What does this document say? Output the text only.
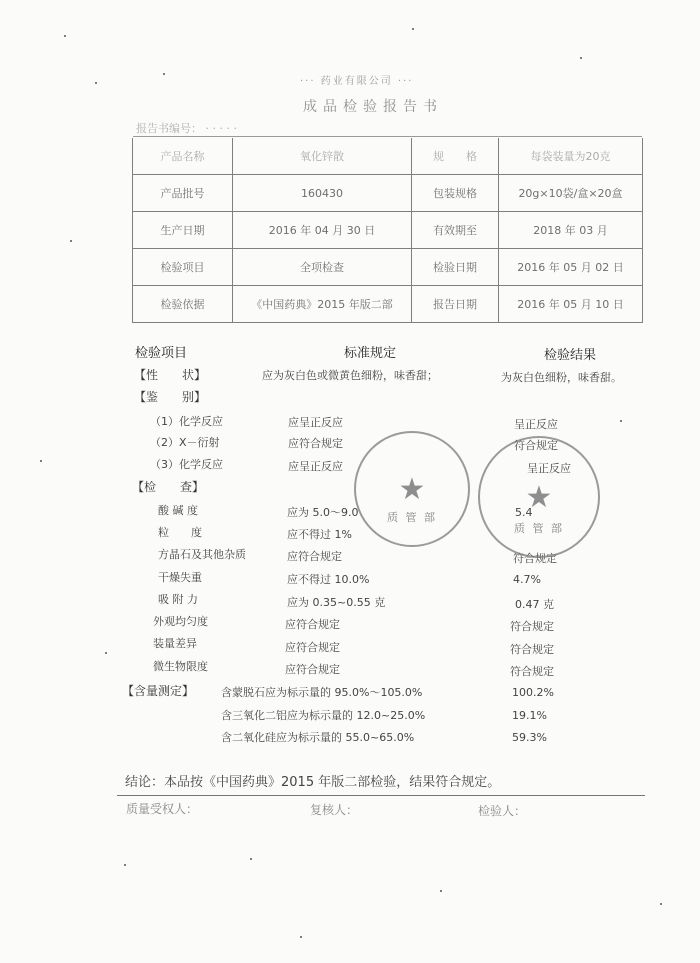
··· 药业有限公司 ···
成品检验报告书
报告书编号： · · · · ·
产品名称	氧化锌散	规　　格	每袋装量为20克
产品批号	160430	包装规格	20g×10袋/盒×20盒
生产日期	2016 年 04 月 30 日	有效期至	2018 年 03 月
检验项目	全项检查	检验日期	2016 年 05 月 02 日
检验依据	《中国药典》2015 年版二部	报告日期	2016 年 05 月 10 日
检验项目	标准规定	检验结果
【性　　状】	应为灰白色或微黄色细粉，味香甜；	为灰白色细粉，味香甜。
【鉴　　别】
（1）化学反应	应呈正反应	呈正反应
（2）X－衍射	应符合规定	符合规定
（3）化学反应	应呈正反应	呈正反应
【检　　查】
酸 碱 度	应为 5.0～9.0	5.4
粒　　度	应不得过 1%
方晶石及其他杂质	应符合规定	符合规定
干燥失重	应不得过 10.0%	4.7%
吸 附 力	应为 0.35~0.55 克	0.47 克
外观均匀度	应符合规定	符合规定
装量差异	应符合规定	符合规定
微生物限度	应符合规定	符合规定
【含量测定】 含蒙脱石应为标示量的 95.0%～105.0%	100.2%
含三氧化二铝应为标示量的 12.0~25.0%	19.1%
含二氧化硅应为标示量的 55.0~65.0%	59.3%
结论：本品按《中国药典》2015 年版二部检验，结果符合规定。
质量受权人：	复核人：	检验人：
★
质 管 部
★
质 管 部
